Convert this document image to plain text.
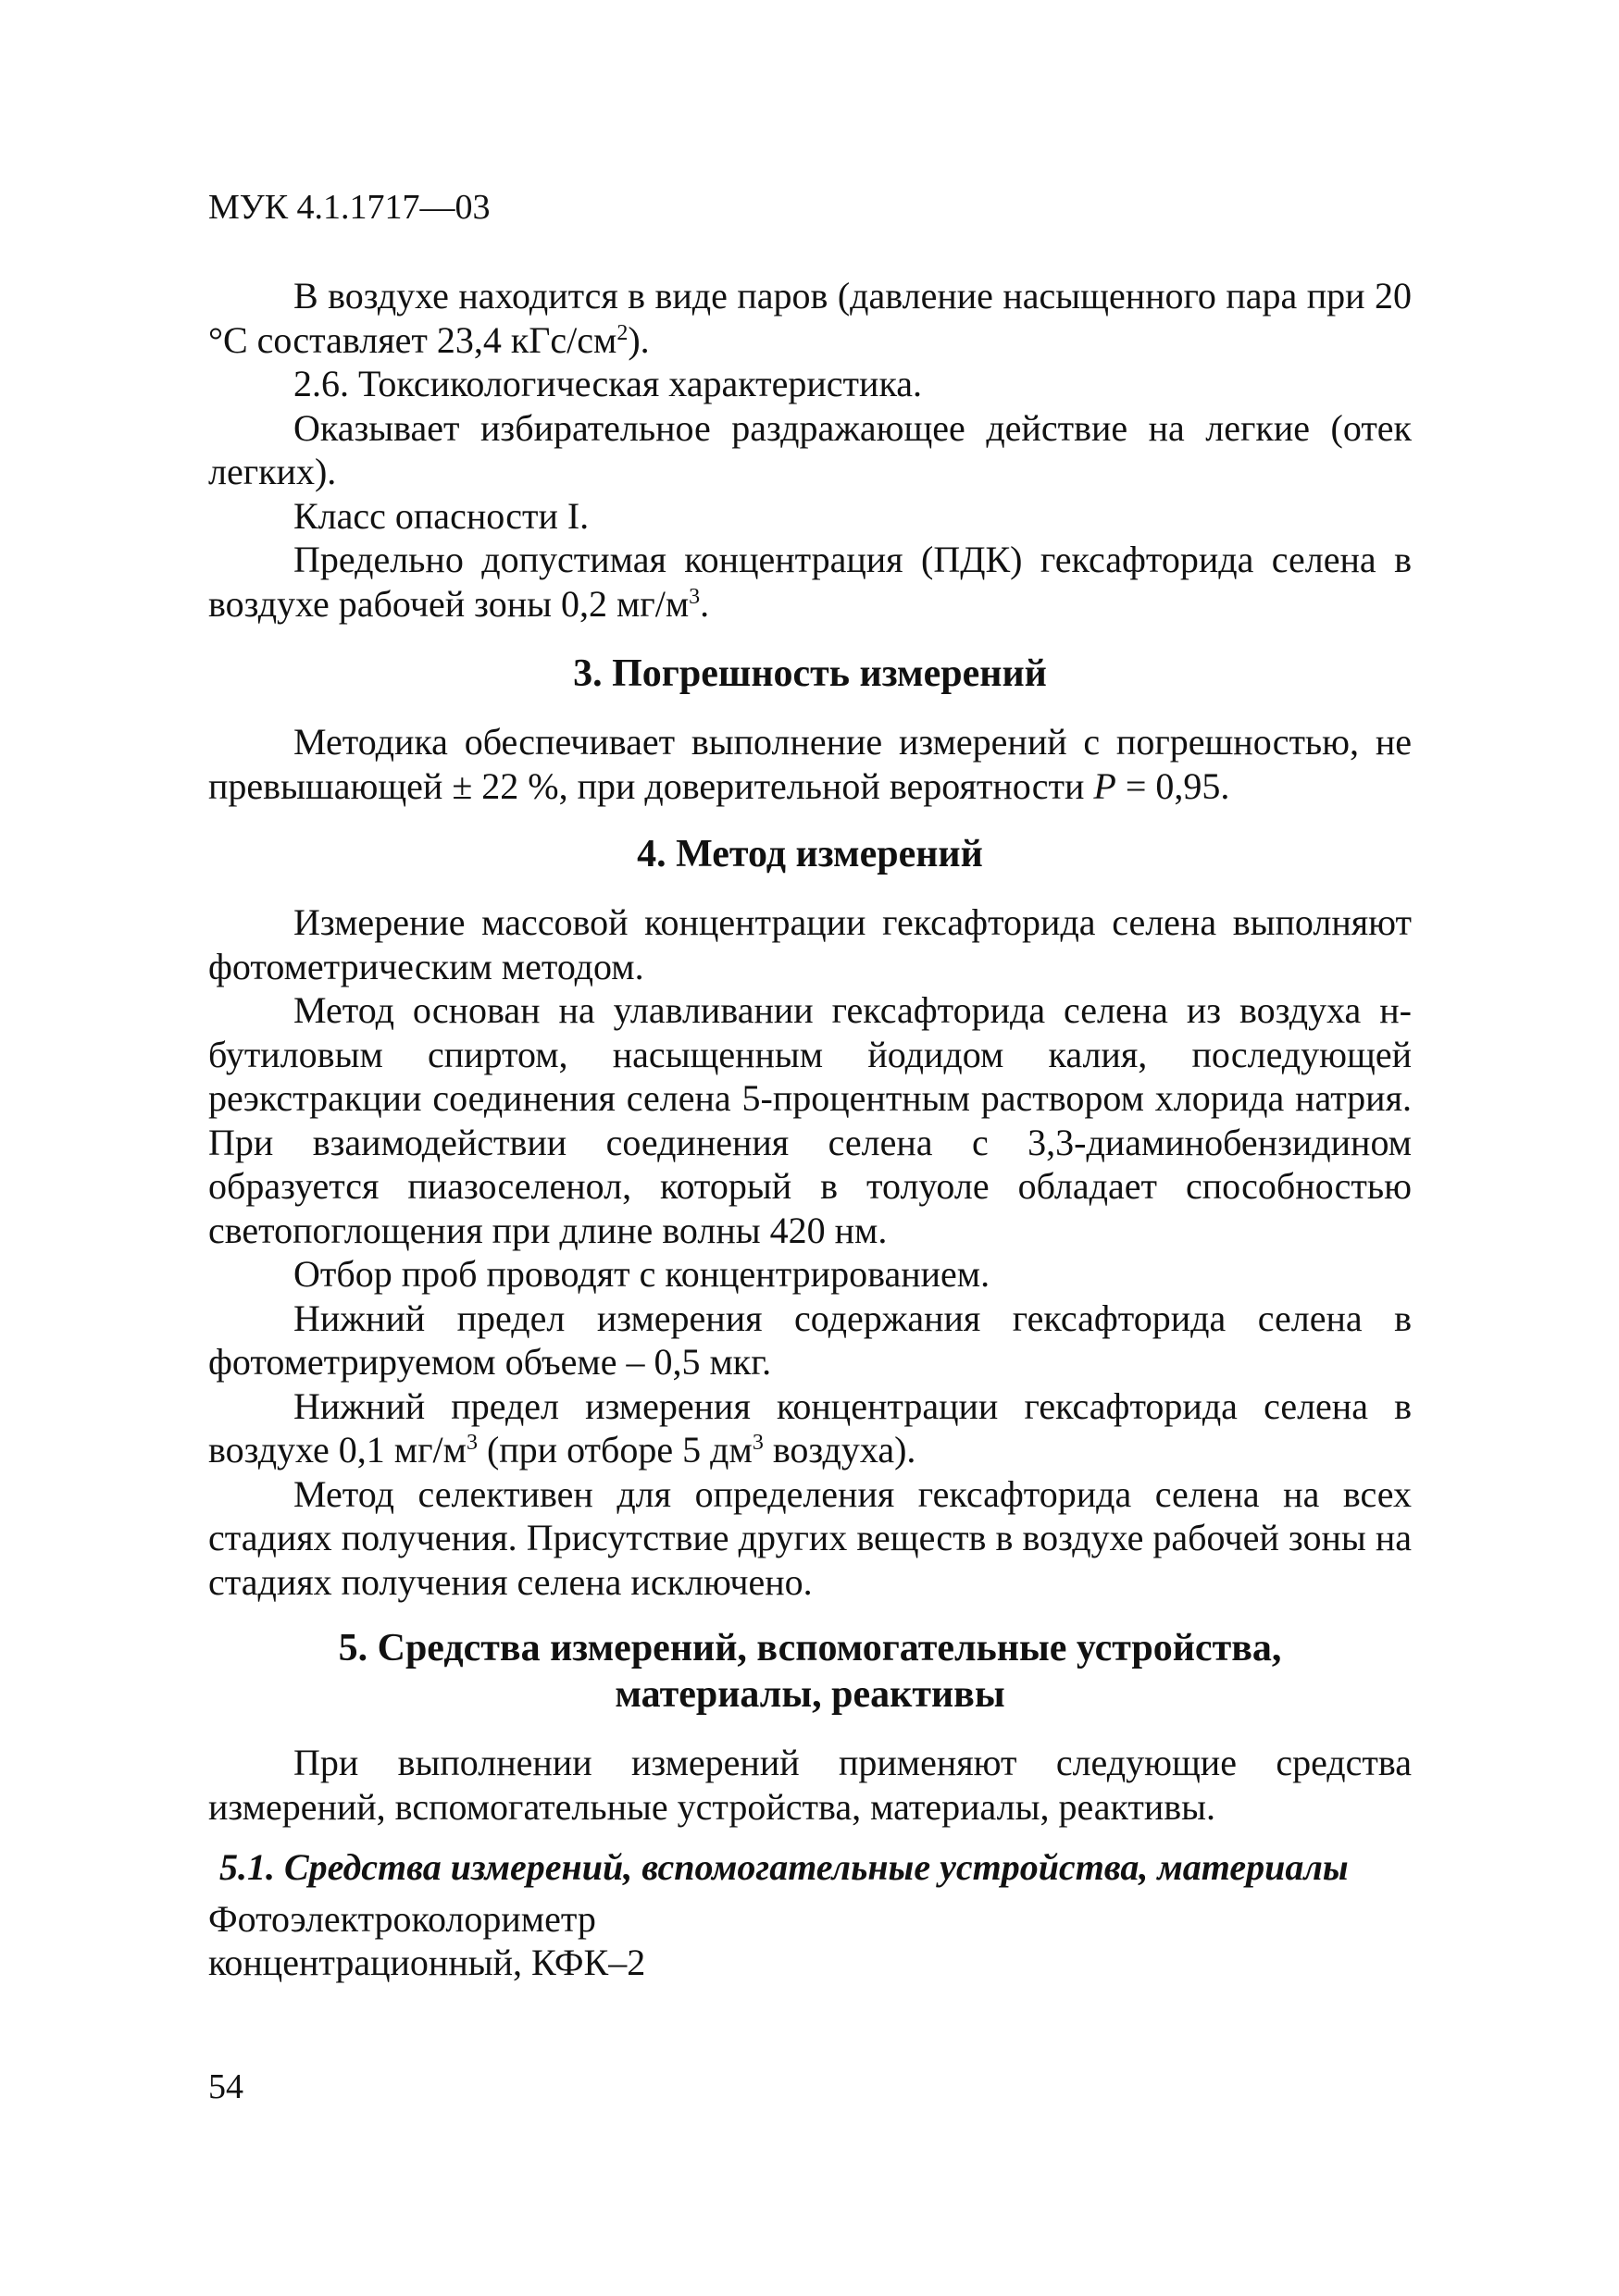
МУК 4.1.1717—03

В воздухе находится в виде паров (давление насыщенного пара при 20 °С составляет 23,4 кГс/$см^2$).

2.6. Токсикологическая характеристика.

Оказывает избирательное раздражающее действие на легкие (отек легких).

Класс опасности I.

Предельно допустимая концентрация (ПДК) гексафторида селена в воздухе рабочей зоны 0,2 $мг/м^3$.

3. Погрешность измерений

Методика обеспечивает выполнение измерений с погрешностью, не превышающей ± 22 %, при доверительной вероятности Р = 0,95.

4. Метод измерений

Измерение массовой концентрации гексафторида селена выполняют фотометрическим методом.

Метод основан на улавливании гексафторида селена из воздуха н-бутиловым спиртом, насыщенным йодидом калия, последующей реэкстракции соединения селена 5-процентным раствором хлорида натрия. При взаимодействии соединения селена с 3,3-диаминобензидином образуется пиазоселенол, который в толуоле обладает способностью светопоглощения при длине волны 420 нм.

Отбор проб проводят с концентрированием.

Нижний предел измерения содержания гексафторида селена в фотометрируемом объеме – 0,5 мкг.

Нижний предел измерения концентрации гексафторида селена в воздухе 0,1 $мг/м^3$ (при отборе 5 $дм^3$ воздуха).

Метод селективен для определения гексафторида селена на всех стадиях получения. Присутствие других веществ в воздухе рабочей зоны на стадиях получения селена исключено.

5. Средства измерений, вспомогательные устройства,
материалы, реактивы

При выполнении измерений применяют следующие средства измерений, вспомогательные устройства, материалы, реактивы.

5.1. Средства измерений, вспомогательные устройства, материалы

Фотоэлектроколориметр
концентрационный, КФК–2
54
